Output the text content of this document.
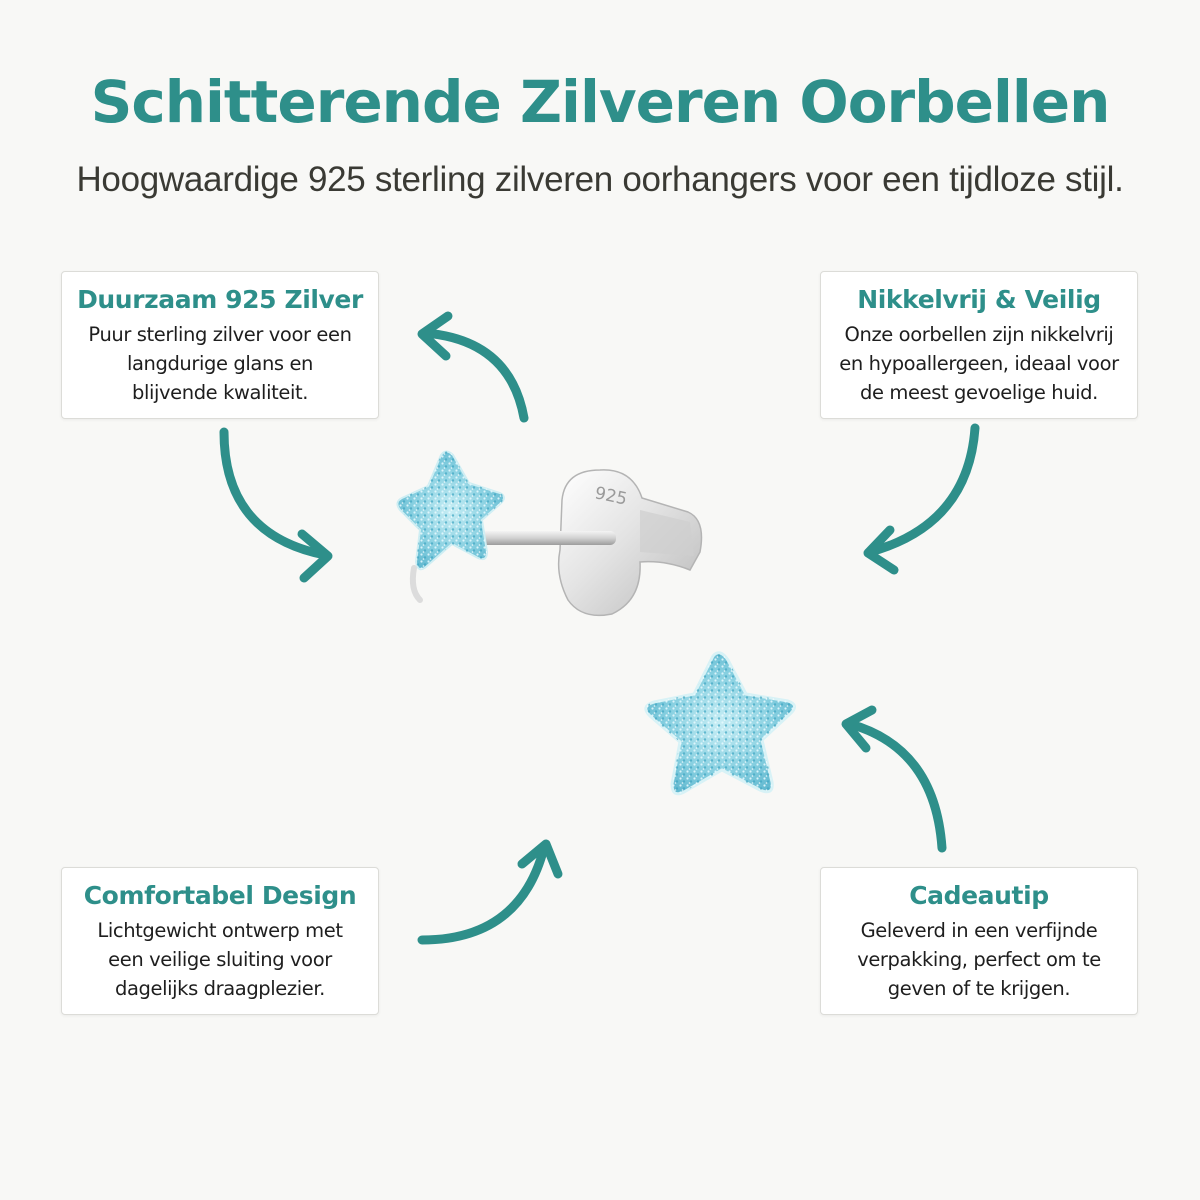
Schitterende Zilveren Oorbellen
Hoogwaardige 925 sterling zilveren oorhangers voor een tijdloze stijl.
925
Duurzaam 925 Zilver

Puur sterling zilver voor een
langdurige glans en
blijvende kwaliteit.

Nikkelvrij & Veilig

Onze oorbellen zijn nikkelvrij
en hypoallergeen, ideaal voor
de meest gevoelige huid.

Comfortabel Design

Lichtgewicht ontwerp met
een veilige sluiting voor
dagelijks draagplezier.

Cadeautip

Geleverd in een verfijnde
verpakking, perfect om te
geven of te krijgen.
